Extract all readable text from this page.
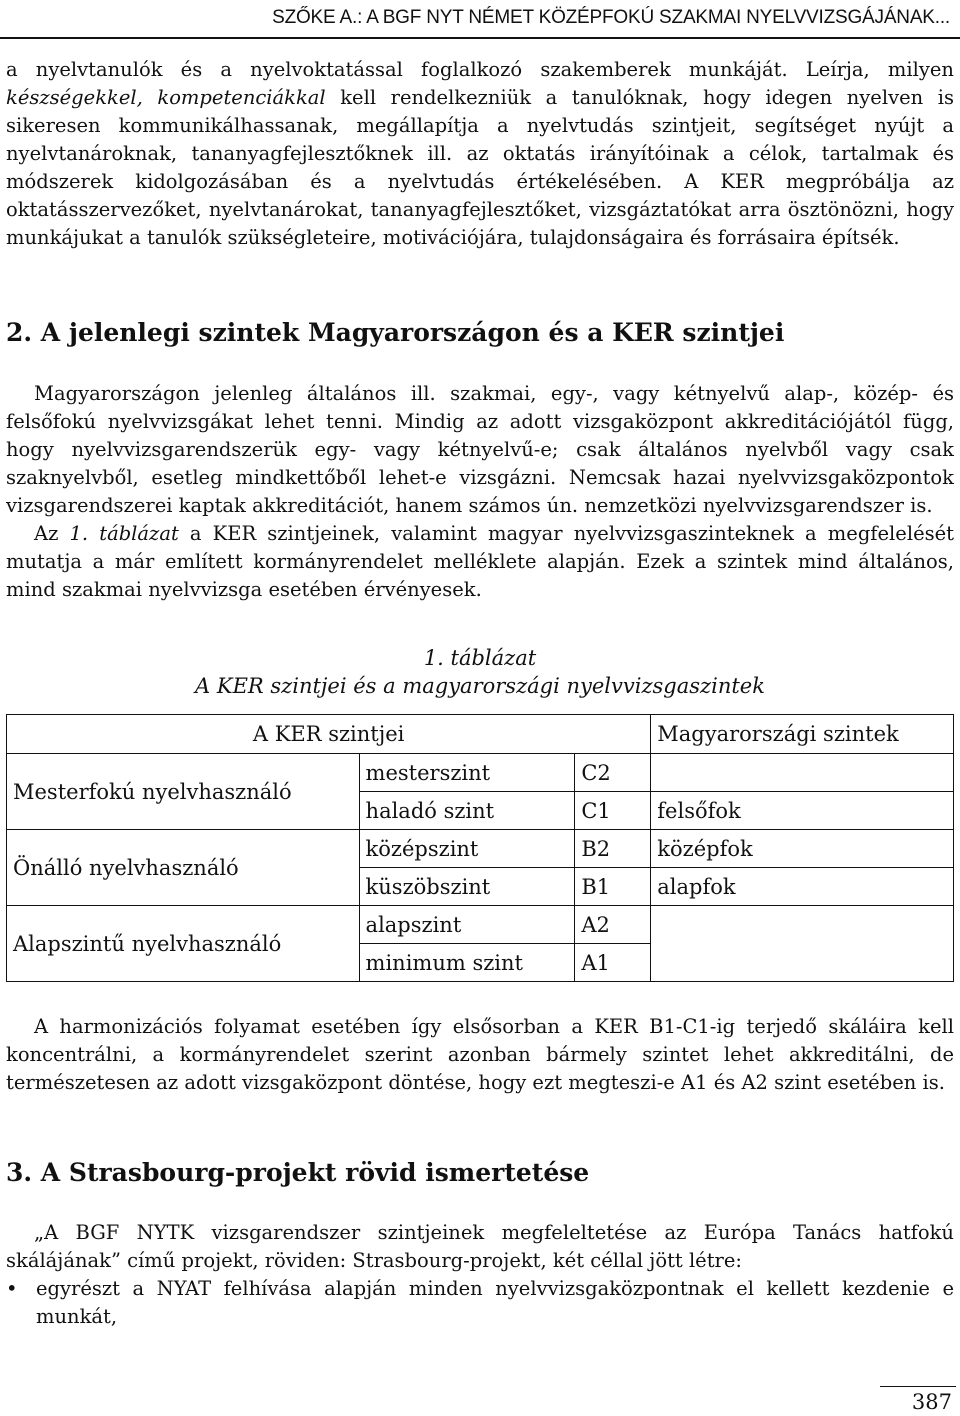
SZŐKE A.: A BGF NYT NÉMET KÖZÉPFOKÚ SZAKMAI NYELVVIZSGÁJÁNAK...

a nyelvtanulók és a nyelvoktatással foglalkozó szakemberek munkáját. Leírja, milyen készségekkel, kompetenciákkal kell rendelkezniük a tanulóknak, hogy idegen nyelven is sikeresen kommunikálhassanak, megállapítja a nyelvtudás szintjeit, segítséget nyújt a nyelvtanároknak, tananyagfejlesztőknek ill. az oktatás irányítóinak a célok, tartalmak és módszerek kidolgozásában és a nyelvtudás értékelésében. A KER megpróbálja az oktatásszervezőket, nyelvtanárokat, tananyagfejlesztőket, vizsgáztatókat arra ösztönözni, hogy munkájukat a tanulók szükségleteire, motivációjára, tulajdonságaira és forrásaira építsék.

2. A jelenlegi szintek Magyarországon és a KER szintjei

Magyarországon jelenleg általános ill. szakmai, egy-, vagy kétnyelvű alap-, közép- és felsőfokú nyelvvizsgákat lehet tenni. Mindig az adott vizsgaközpont akkreditációjától függ, hogy nyelvvizsgarendszerük egy- vagy kétnyelvű-e; csak általános nyelvből vagy csak szaknyelvből, esetleg mindkettőből lehet-e vizsgázni. Nemcsak hazai nyelvvizsgaközpontok vizsgarendszerei kaptak akkreditációt, hanem számos ún. nemzetközi nyelvvizsgarendszer is.

Az 1. táblázat a KER szintjeinek, valamint magyar nyelvvizsgaszinteknek a megfelelését mutatja a már említett kormányrendelet melléklete alapján. Ezek a szintek mind általános, mind szakmai nyelvvizsga esetében érvényesek.

1. táblázat
A KER szintjei és a magyarországi nyelvvizsgaszintek
A KER szintjei			Magyarországi szintek
Mesterfokú nyelvhasználó	mesterszint	C2	
	haladó szint	C1	felsőfok
Önálló nyelvhasználó	középszint	B2	középfok
	küszöbszint	B1	alapfok
Alapszintű nyelvhasználó	alapszint	A2	
	minimum szint	A1	

A harmonizációs folyamat esetében így elsősorban a KER B1-C1-ig terjedő skáláira kell koncentrálni, a kormányrendelet szerint azonban bármely szintet lehet akkreditálni, de természetesen az adott vizsgaközpont döntése, hogy ezt megteszi-e A1 és A2 szint esetében is.

3. A Strasbourg-projekt rövid ismertetése

„A BGF NYTK vizsgarendszer szintjeinek megfeleltetése az Európa Tanács hatfokú skálájának” című projekt, röviden: Strasbourg-projekt, két céllal jött létre:

• egyrészt a NYAT felhívása alapján minden nyelvvizsgaközpontnak el kellett kezdenie e munkát,
387
